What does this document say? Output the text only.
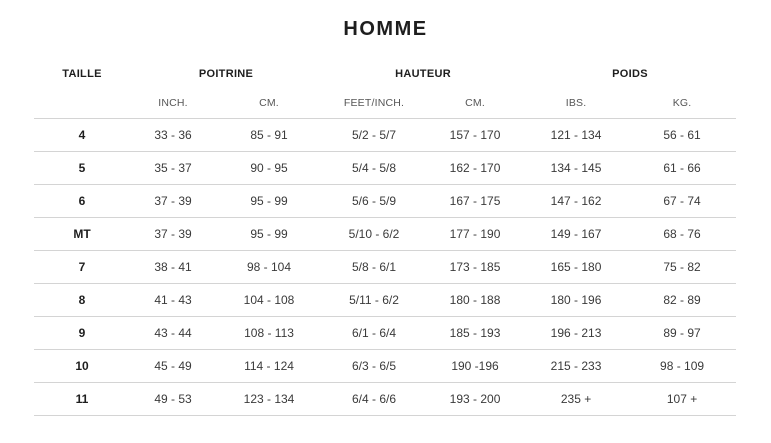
HOMME
TAILLE	POITRINE		HAUTEUR		POIDS	
	INCH.	CM.	FEET/INCH.	CM.	IBS.	KG.
4	33 - 36	85 - 91	5/2 - 5/7	157 - 170	121 - 134	56 - 61
5	35 - 37	90 - 95	5/4 - 5/8	162 - 170	134 - 145	61 - 66
6	37 - 39	95 - 99	5/6 - 5/9	167 - 175	147 - 162	67 - 74
MT	37 - 39	95 - 99	5/10 - 6/2	177 - 190	149 - 167	68 - 76
7	38 - 41	98 - 104	5/8 - 6/1	173 - 185	165 - 180	75 - 82
8	41 - 43	104 - 108	5/11 - 6/2	180 - 188	180 - 196	82 - 89
9	43 - 44	108 - 113	6/1 - 6/4	185 - 193	196 - 213	89 - 97
10	45 - 49	114 - 124	6/3 - 6/5	190 -196	215 - 233	98 - 109
11	49 - 53	123 - 134	6/4 - 6/6	193 - 200	235 +	107 +
